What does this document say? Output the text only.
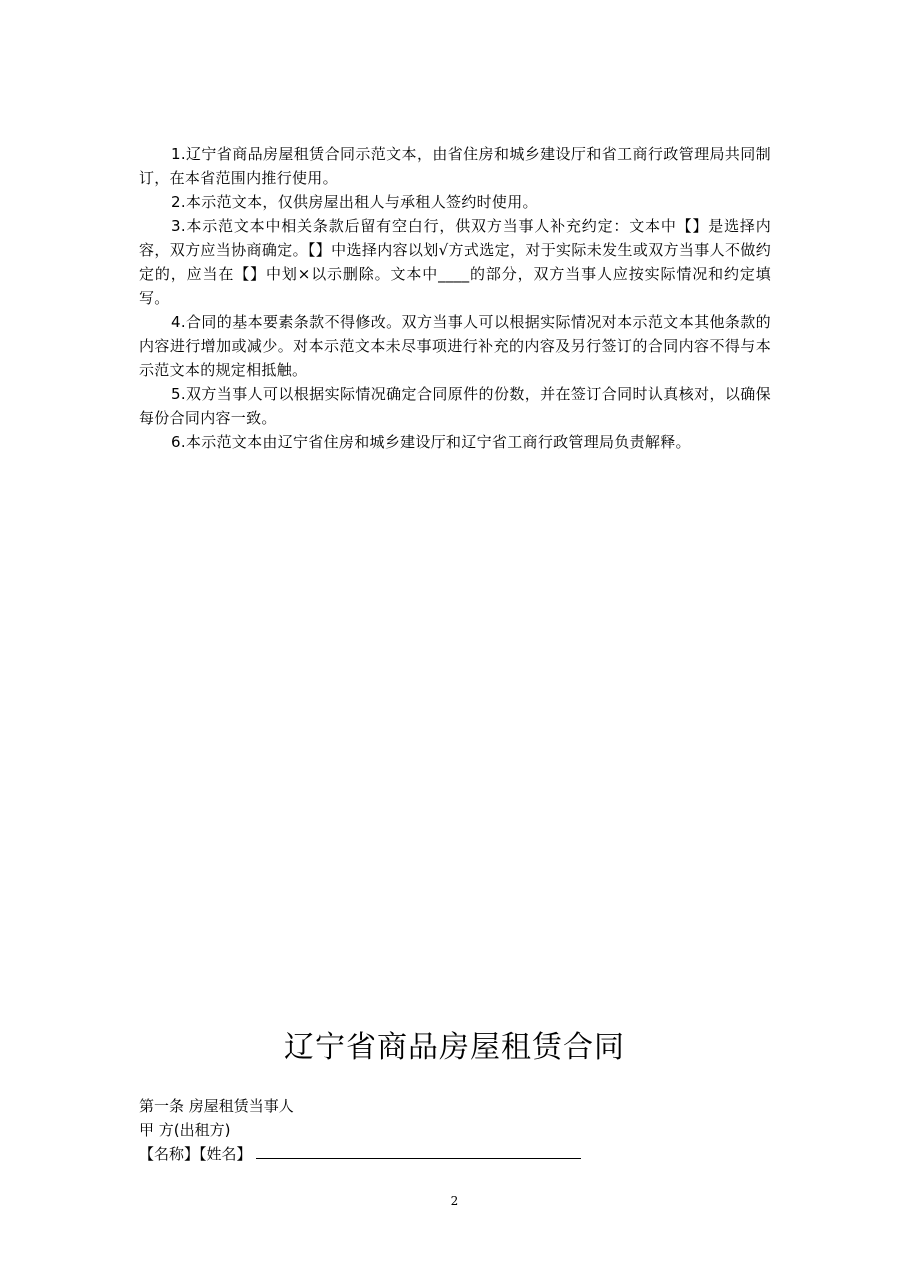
1.辽宁省商品房屋租赁合同示范文本，由省住房和城乡建设厅和省工商行政管理局共同制订，在本省范围内推行使用。

2.本示范文本，仅供房屋出租人与承租人签约时使用。

3.本示范文本中相关条款后留有空白行，供双方当事人补充约定：文本中【】是选择内容，双方应当协商确定。【】中选择内容以划√方式选定，对于实际未发生或双方当事人不做约定的，应当在【】中划×以示删除。文本中____的部分，双方当事人应按实际情况和约定填写。

4.合同的基本要素条款不得修改。双方当事人可以根据实际情况对本示范文本其他条款的内容进行增加或减少。对本示范文本未尽事项进行补充的内容及另行签订的合同内容不得与本示范文本的规定相抵触。

5.双方当事人可以根据实际情况确定合同原件的份数，并在签订合同时认真核对，以确保每份合同内容一致。

6.本示范文本由辽宁省住房和城乡建设厅和辽宁省工商行政管理局负责解释。

辽宁省商品房屋租赁合同
第一条 房屋租赁当事人
甲 方(出租方)
【名称】【姓名】
2
